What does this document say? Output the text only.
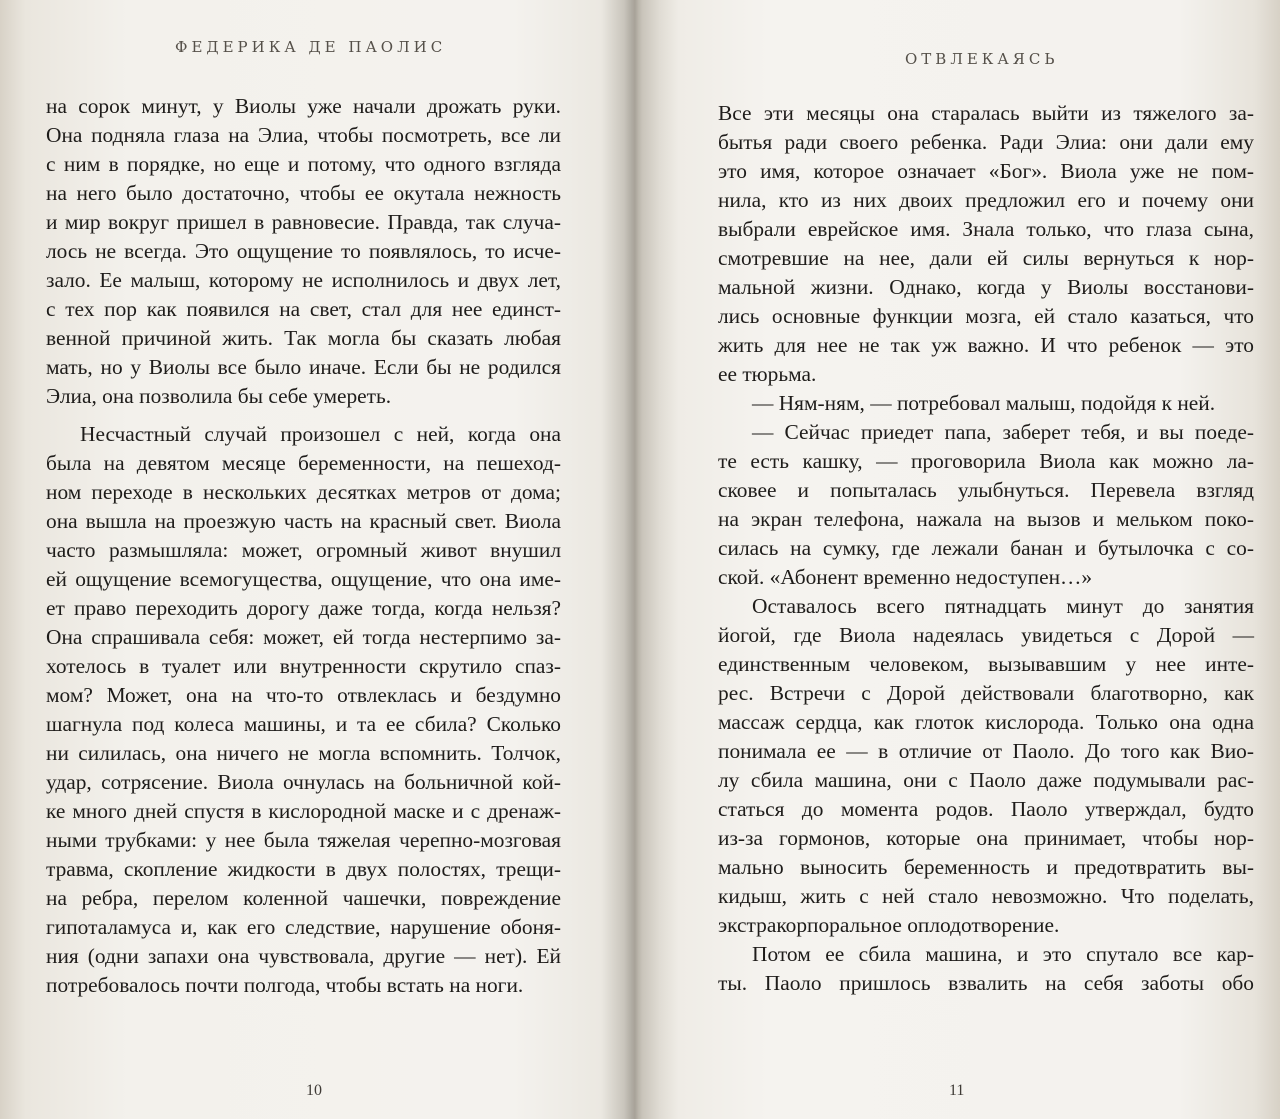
ФЕДЕРИКА ДЕ ПАОЛИС
на сорок минут, у Виолы уже начали дрожать руки.
Она подняла глаза на Элиа, чтобы посмотреть, все ли
с ним в порядке, но еще и потому, что одного взгляда
на него было достаточно, чтобы ее окутала нежность
и мир вокруг пришел в равновесие. Правда, так случа-
лось не всегда. Это ощущение то появлялось, то исче-
зало. Ее малыш, которому не исполнилось и двух лет,
с тех пор как появился на свет, стал для нее единст-
венной причиной жить. Так могла бы сказать любая
мать, но у Виолы все было иначе. Если бы не родился
Элиа, она позволила бы себе умереть.
Несчастный случай произошел с ней, когда она
была на девятом месяце беременности, на пешеход-
ном переходе в нескольких десятках метров от дома;
она вышла на проезжую часть на красный свет. Виола
часто размышляла: может, огромный живот внушил
ей ощущение всемогущества, ощущение, что она име-
ет право переходить дорогу даже тогда, когда нельзя?
Она спрашивала себя: может, ей тогда нестерпимо за-
хотелось в туалет или внутренности скрутило спаз-
мом? Может, она на что-то отвлеклась и бездумно
шагнула под колеса машины, и та ее сбила? Сколько
ни силилась, она ничего не могла вспомнить. Толчок,
удар, сотрясение. Виола очнулась на больничной кой-
ке много дней спустя в кислородной маске и с дренаж-
ными трубками: у нее была тяжелая черепно-мозговая
травма, скопление жидкости в двух полостях, трещи-
на ребра, перелом коленной чашечки, повреждение
гипоталамуса и, как его следствие, нарушение обоня-
ния (одни запахи она чувствовала, другие — нет). Ей
потребовалось почти полгода, чтобы встать на ноги.
10
ОТВЛЕКАЯСЬ
Все эти месяцы она старалась выйти из тяжелого за-
бытья ради своего ребенка. Ради Элиа: они дали ему
это имя, которое означает «Бог». Виола уже не пом-
нила, кто из них двоих предложил его и почему они
выбрали еврейское имя. Знала только, что глаза сына,
смотревшие на нее, дали ей силы вернуться к нор-
мальной жизни. Однако, когда у Виолы восстанови-
лись основные функции мозга, ей стало казаться, что
жить для нее не так уж важно. И что ребенок — это
ее тюрьма.
— Ням-ням, — потребовал малыш, подойдя к ней.
— Сейчас приедет папа, заберет тебя, и вы поеде-
те есть кашку, — проговорила Виола как можно ла-
сковее и попыталась улыбнуться. Перевела взгляд
на экран телефона, нажала на вызов и мельком поко-
силась на сумку, где лежали банан и бутылочка с со-
ской. «Абонент временно недоступен…»
Оставалось всего пятнадцать минут до занятия
йогой, где Виола надеялась увидеться с Дорой —
единственным человеком, вызывавшим у нее инте-
рес. Встречи с Дорой действовали благотворно, как
массаж сердца, как глоток кислорода. Только она одна
понимала ее — в отличие от Паоло. До того как Вио-
лу сбила машина, они с Паоло даже подумывали рас-
статься до момента родов. Паоло утверждал, будто
из-за гормонов, которые она принимает, чтобы нор-
мально выносить беременность и предотвратить вы-
кидыш, жить с ней стало невозможно. Что поделать,
экстракорпоральное оплодотворение.
Потом ее сбила машина, и это спутало все кар-
ты. Паоло пришлось взвалить на себя заботы обо
11
